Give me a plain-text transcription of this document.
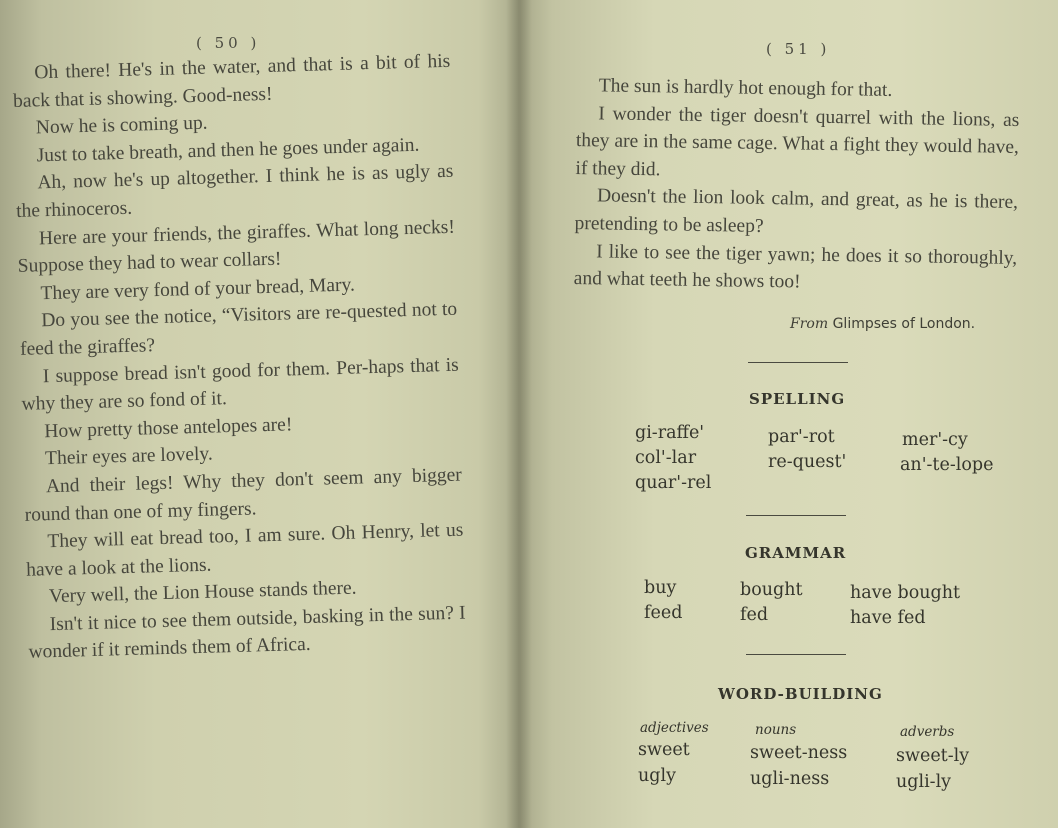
( 50 )

Oh there! He's in the water, and that is a bit of his back that is showing. Good-ness!

Now he is coming up.

Just to take breath, and then he goes under again.

Ah, now he's up altogether. I think he is as ugly as the rhinoceros.

Here are your friends, the giraffes. What long necks! Suppose they had to wear collars!

They are very fond of your bread, Mary.

Do you see the notice, “Visitors are re-quested not to feed the giraffes?

I suppose bread isn't good for them. Per-haps that is why they are so fond of it.

How pretty those antelopes are!

Their eyes are lovely.

And their legs! Why they don't seem any bigger round than one of my fingers.

They will eat bread too, I am sure. Oh Henry, let us have a look at the lions.

Very well, the Lion House stands there.

Isn't it nice to see them outside, basking in the sun? I wonder if it reminds them of Africa.

( 51 )

The sun is hardly hot enough for that.

I wonder the tiger doesn't quarrel with the lions, as they are in the same cage. What a fight they would have, if they did.

Doesn't the lion look calm, and great, as he is there, pretending to be asleep?

I like to see the tiger yawn; he does it so thoroughly, and what teeth he shows too!

From Glimpses of London.
SPELLING
gi-raffe'	par'-rot	mer'-cy
col'-lar	re-quest'	an'-te-lope
quar'-rel
GRAMMAR
buy	bought	have bought
feed	fed	have fed
WORD-BUILDING
adjectives	nouns	adverbs
sweet	sweet-ness	sweet-ly
ugly	ugli-ness	ugli-ly
